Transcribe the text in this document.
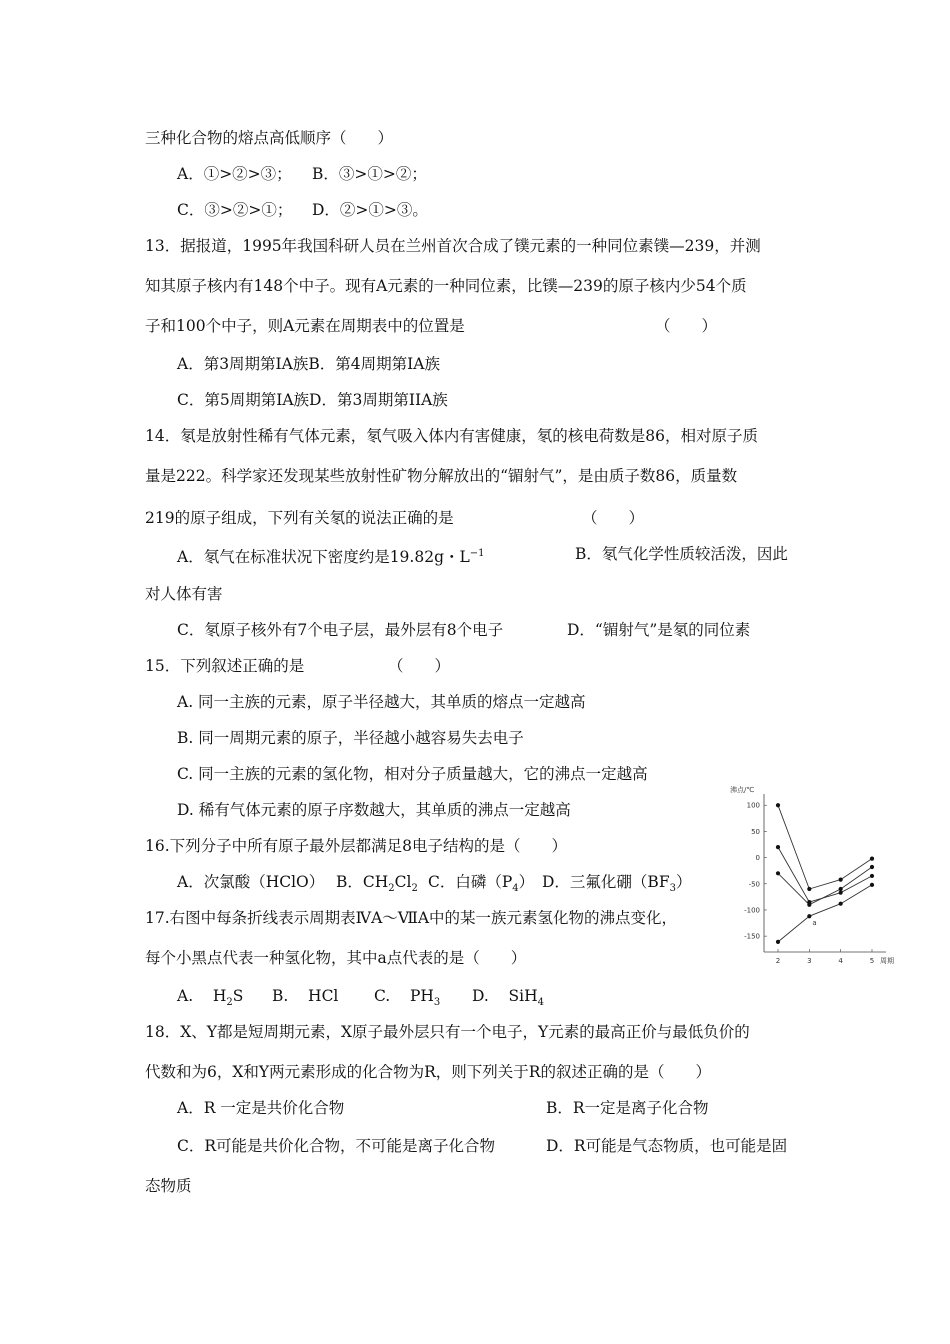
三种化合物的熔点高低顺序（　　）
A．①>②>③； B．③>①>②；
C．③>②>①； D．②>①>③。
13．据报道，1995年我国科研人员在兰州首次合成了镤元素的一种同位素镤—239，并测
知其原子核内有148个中子。现有A元素的一种同位素，比镤—239的原子核内少54个质
子和100个中子，则A元素在周期表中的位置是	（　　）
A．第3周期第IA族B．第4周期第IA族
C．第5周期第IA族D．第3周期第IIA族
14．氡是放射性稀有气体元素，氡气吸入体内有害健康，氡的核电荷数是86，相对原子质
量是222。科学家还发现某些放射性矿物分解放出的“镅射气”，是由质子数86，质量数
219的原子组成，下列有关氡的说法正确的是	（　　）
A．氡气在标准状况下密度约是19.82g・$L^{-1}$	B．氡气化学性质较活泼，因此
对人体有害
C．氡原子核外有7个电子层，最外层有8个电子	D．“镅射气”是氡的同位素
15．下列叙述正确的是	（　　）
A. 同一主族的元素，原子半径越大，其单质的熔点一定越高
B. 同一周期元素的原子，半径越小越容易失去电子
C. 同一主族的元素的氢化物，相对分子质量越大，它的沸点一定越高
D. 稀有气体元素的原子序数越大，其单质的沸点一定越高
16.下列分子中所有原子最外层都满足8电子结构的是（　　）
A．次氯酸（HClO） B．$CH_2Cl_2$ C．白磷$(P_4)$ D．三氟化硼$(BF_3)$
17.右图中每条折线表示周期表ⅣA～ⅦA中的某一族元素氢化物的沸点变化，
每个小黑点代表一种氢化物，其中a点代表的是（　　）
A. $H_2S$ B. HCl C. $PH_3$ D. SiH$_4$
18．X、Y都是短周期元素，X原子最外层只有一个电子，Y元素的最高正价与最低负价的
代数和为6，X和Y两元素形成的化合物为R，则下列关于R的叙述正确的是（　　）
A．R 一定是共价化合物	B．R一定是离子化合物
C．R可能是共价化合物，不可能是离子化合物	D．R可能是气态物质，也可能是固
态物质
沸点/℃
周期
100
50
0
-50
-100
-150
2	3	4	5
a
